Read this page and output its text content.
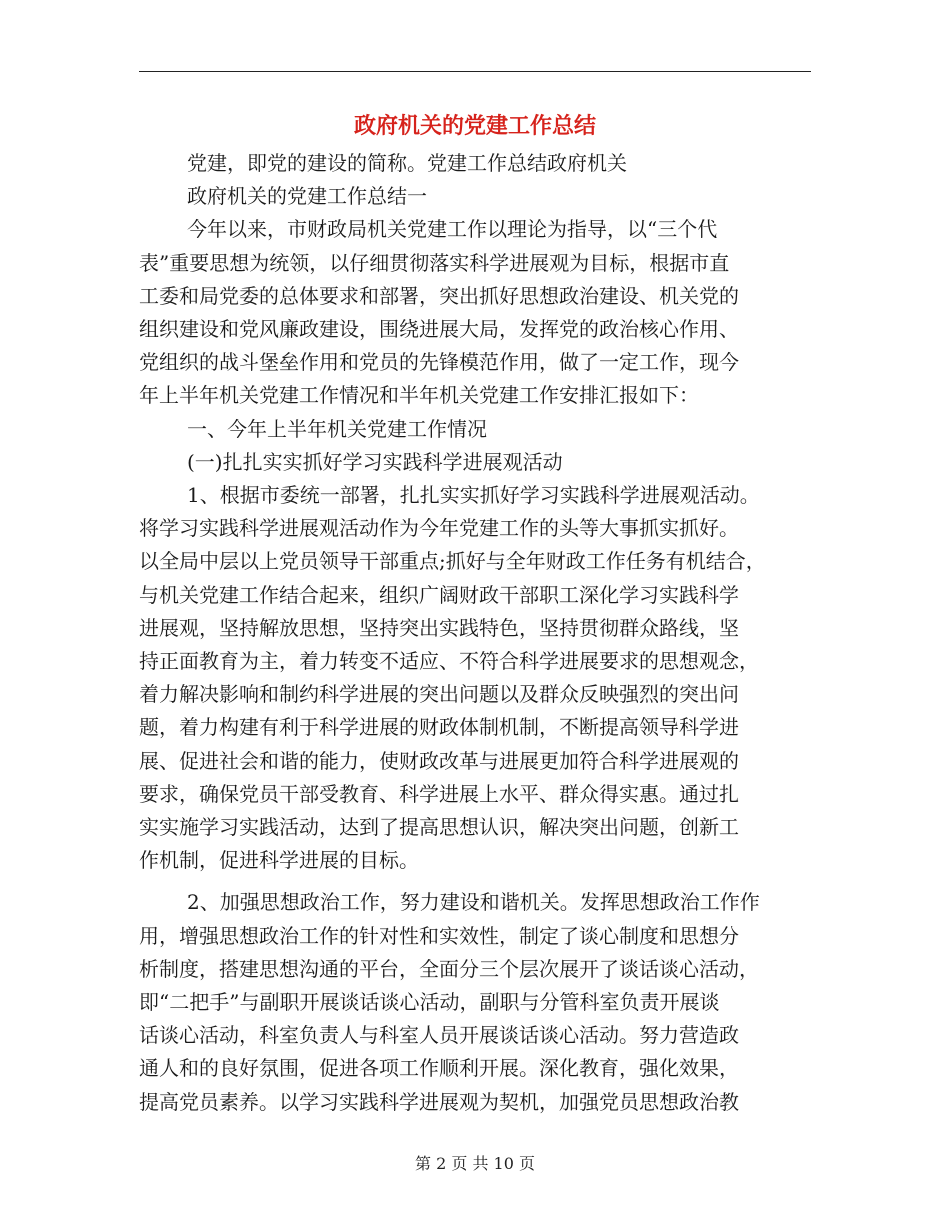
政府机关的党建工作总结

党建，即党的建设的简称。党建工作总结政府机关

政府机关的党建工作总结一

今年以来，市财政局机关党建工作以理论为指导，以“三个代

表”重要思想为统领，以仔细贯彻落实科学进展观为目标，根据市直

工委和局党委的总体要求和部署，突出抓好思想政治建设、机关党的

组织建设和党风廉政建设，围绕进展大局，发挥党的政治核心作用、

党组织的战斗堡垒作用和党员的先锋模范作用，做了一定工作，现今

年上半年机关党建工作情况和半年机关党建工作安排汇报如下：

一、今年上半年机关党建工作情况

(一)扎扎实实抓好学习实践科学进展观活动

1、根据市委统一部署，扎扎实实抓好学习实践科学进展观活动。

将学习实践科学进展观活动作为今年党建工作的头等大事抓实抓好。

以全局中层以上党员领导干部重点;抓好与全年财政工作任务有机结合，

与机关党建工作结合起来，组织广阔财政干部职工深化学习实践科学

进展观，坚持解放思想，坚持突出实践特色，坚持贯彻群众路线，坚

持正面教育为主，着力转变不适应、不符合科学进展要求的思想观念，

着力解决影响和制约科学进展的突出问题以及群众反映强烈的突出问

题，着力构建有利于科学进展的财政体制机制，不断提高领导科学进

展、促进社会和谐的能力，使财政改革与进展更加符合科学进展观的

要求，确保党员干部受教育、科学进展上水平、群众得实惠。通过扎

实实施学习实践活动，达到了提高思想认识，解决突出问题，创新工

作机制，促进科学进展的目标。

2、加强思想政治工作，努力建设和谐机关。发挥思想政治工作作

用，增强思想政治工作的针对性和实效性，制定了谈心制度和思想分

析制度，搭建思想沟通的平台，全面分三个层次展开了谈话谈心活动，

即“二把手”与副职开展谈话谈心活动，副职与分管科室负责开展谈

话谈心活动，科室负责人与科室人员开展谈话谈心活动。努力营造政

通人和的良好氛围，促进各项工作顺利开展。深化教育，强化效果，

提高党员素养。以学习实践科学进展观为契机，加强党员思想政治教

第 2 页 共 10 页
